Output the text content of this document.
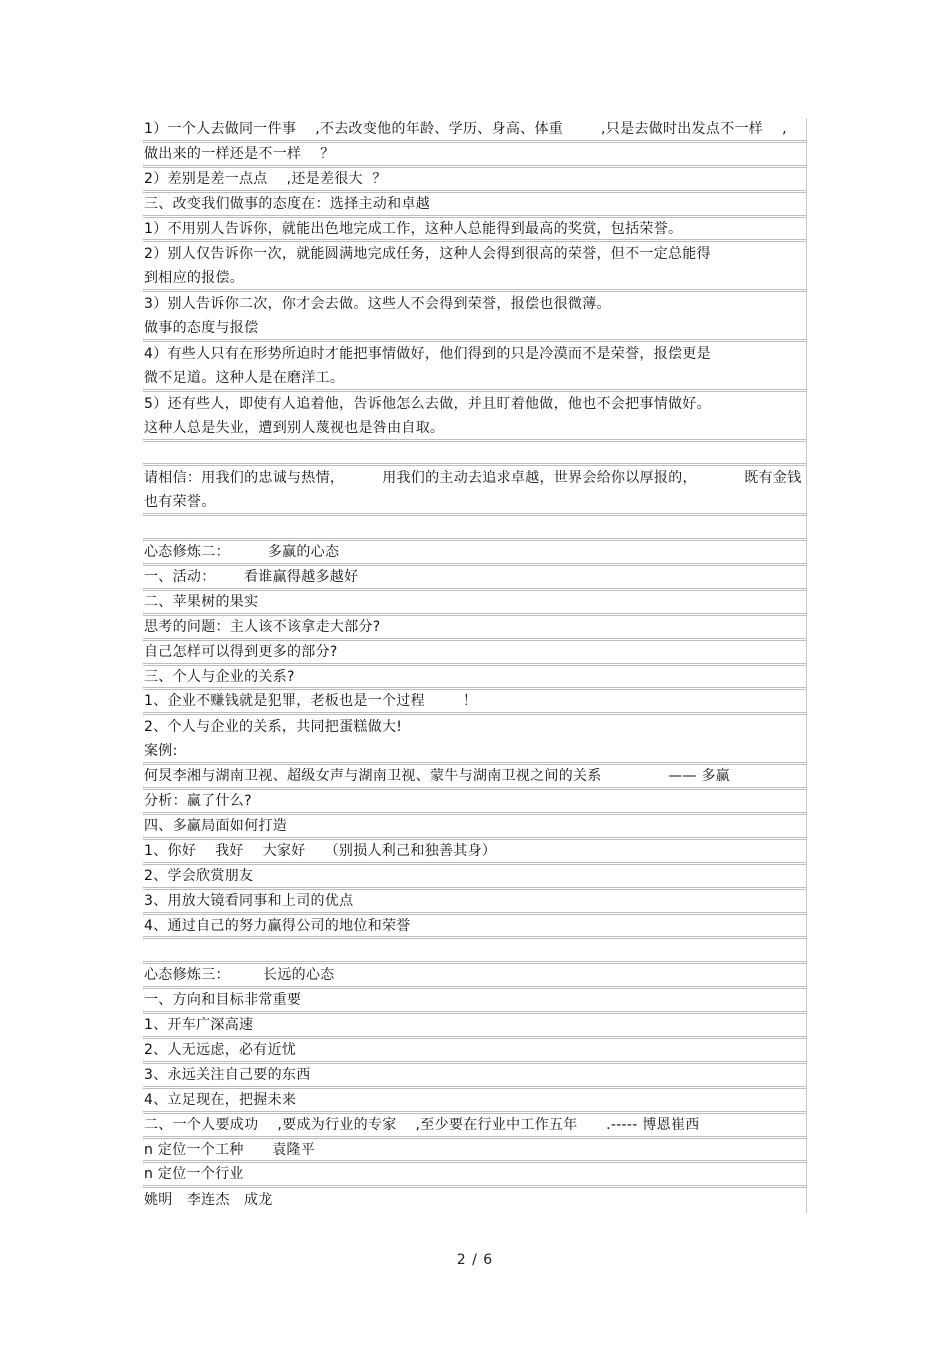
1）一个人去做同一件事    ,不去改变他的年龄、学历、身高、体重        ,只是去做时出发点不一样    ,
做出来的一样还是不一样    ？
2）差别是差一点点    ,还是差很大  ？
三、改变我们做事的态度在：选择主动和卓越
1）不用别人告诉你，就能出色地完成工作，这种人总能得到最高的奖赏，包括荣誉。
2）别人仅告诉你一次，就能圆满地完成任务，这种人会得到很高的荣誉，但不一定总能得
到相应的报偿。
3）别人告诉你二次，你才会去做。这些人不会得到荣誉，报偿也很微薄。
做事的态度与报偿
4）有些人只有在形势所迫时才能把事情做好，他们得到的只是冷漠而不是荣誉，报偿更是
微不足道。这种人是在磨洋工。
5）还有些人，即使有人追着他，告诉他怎么去做，并且盯着他做，他也不会把事情做好。
这种人总是失业，遭到别人蔑视也是咎由自取。
请相信：用我们的忠诚与热情，        用我们的主动去追求卓越，世界会给你以厚报的，          既有金钱
也有荣誉。
心态修炼二：        多赢的心态
一、活动：      看谁赢得越多越好
二、苹果树的果实
思考的问题：主人该不该拿走大部分?
自己怎样可以得到更多的部分?
三、个人与企业的关系?
1、企业不赚钱就是犯罪，老板也是一个过程        ！
2、个人与企业的关系，共同把蛋糕做大!
案例:
何炅李湘与湖南卫视、超级女声与湖南卫视、蒙牛与湖南卫视之间的关系              —— 多赢
分析：赢了什么?
四、多赢局面如何打造
1、你好    我好    大家好    （别损人利己和独善其身）
2、学会欣赏朋友
3、用放大镜看同事和上司的优点
4、通过自己的努力赢得公司的地位和荣誉
心态修炼三：       长远的心态
一、方向和目标非常重要
1、开车广深高速
2、人无远虑，必有近忧
3、永远关注自己要的东西
4、立足现在，把握未来
二、一个人要成功    ,要成为行业的专家    ,至少要在行业中工作五年      .----- 博恩崔西
n 定位一个工种      袁隆平
n 定位一个行业
姚明   李连杰   成龙
2 / 6
